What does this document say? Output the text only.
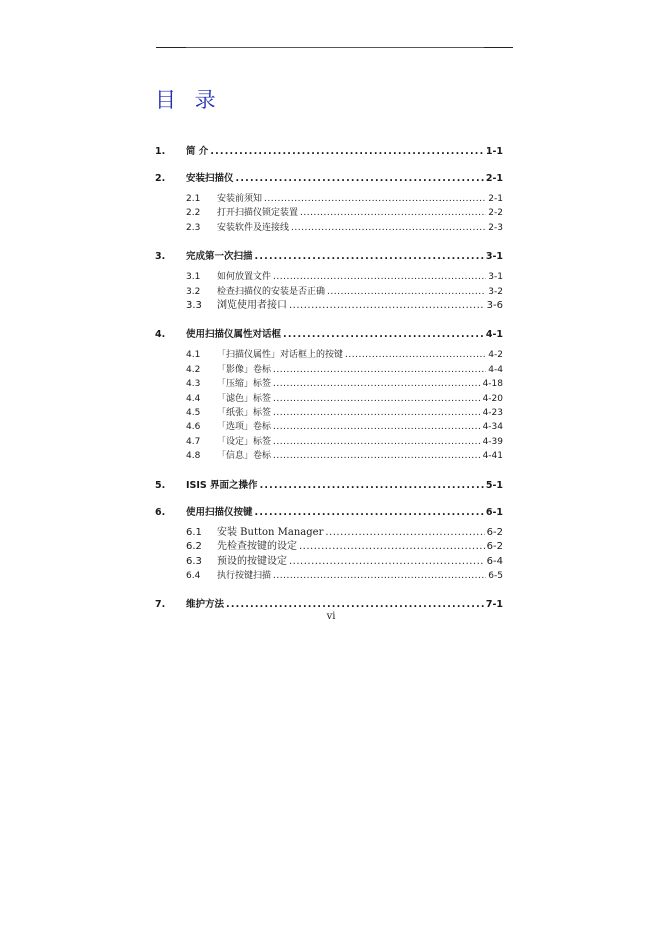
目 录
1.	简 介 .....	1-1
2.	安装扫描仪 .....	2-1
2.1	安装前须知 .....	2-1
2.2	打开扫描仪锁定装置 .....	2-2
2.3	安装软件及连接线 .....	2-3
3.	完成第一次扫描 .....	3-1
3.1	如何放置文件 .....	3-1
3.2	检查扫描仪的安装是否正确 .....	3-2
3.3	浏览使用者接口 .....	3-6
4.	使用扫描仪属性对话框 .....	4-1
4.1	「扫描仪属性」对话框上的按键 .....	4-2
4.2	「影像」卷标 .....	4-4
4.3	「压缩」标签 .....	4-18
4.4	「滤色」标签 .....	4-20
4.5	「纸张」标签 .....	4-23
4.6	「选项」卷标 .....	4-34
4.7	「设定」标签 .....	4-39
4.8	「信息」卷标 .....	4-41
5.	ISIS 界面之操作 .....	5-1
6.	使用扫描仪按键 .....	6-1
6.1	安装 Button Manager .....	6-2
6.2	先检查按键的设定 .....	6-2
6.3	预设的按键设定 .....	6-4
6.4	执行按键扫描 .....	6-5
7.	维护方法 .....	7-1
vi
